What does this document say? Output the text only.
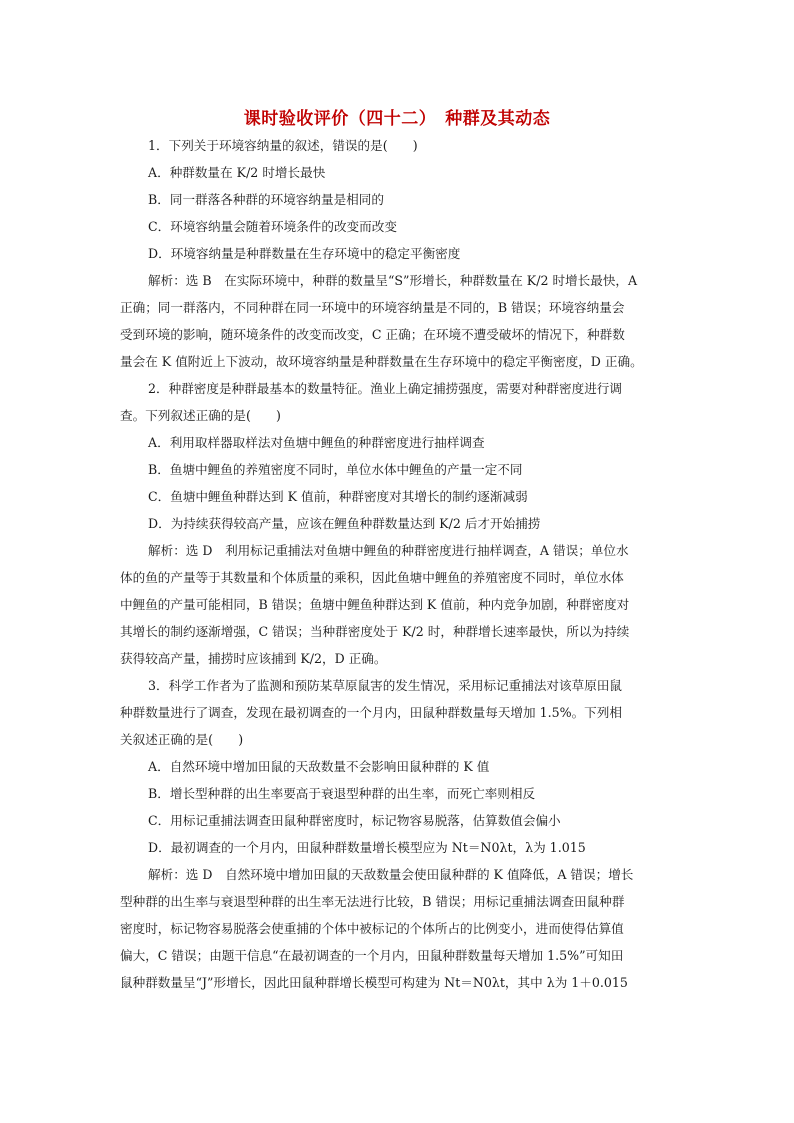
课时验收评价（四十二）　种群及其动态
1．下列关于环境容纳量的叙述，错误的是(　　)
A．种群数量在 K/2 时增长最快
B．同一群落各种群的环境容纳量是相同的
C．环境容纳量会随着环境条件的改变而改变
D．环境容纳量是种群数量在生存环境中的稳定平衡密度
解析：选 B　在实际环境中，种群的数量呈“S”形增长，种群数量在 K/2 时增长最快，A
正确；同一群落内，不同种群在同一环境中的环境容纳量是不同的，B 错误；环境容纳量会
受到环境的影响，随环境条件的改变而改变，C 正确；在环境不遭受破坏的情况下，种群数
量会在 K 值附近上下波动，故环境容纳量是种群数量在生存环境中的稳定平衡密度，D 正确。
2．种群密度是种群最基本的数量特征。渔业上确定捕捞强度，需要对种群密度进行调
查。下列叙述正确的是(　　)
A．利用取样器取样法对鱼塘中鲤鱼的种群密度进行抽样调查
B．鱼塘中鲤鱼的养殖密度不同时，单位水体中鲤鱼的产量一定不同
C．鱼塘中鲤鱼种群达到 K 值前，种群密度对其增长的制约逐渐减弱
D．为持续获得较高产量，应该在鲤鱼种群数量达到 K/2 后才开始捕捞
解析：选 D　利用标记重捕法对鱼塘中鲤鱼的种群密度进行抽样调查，A 错误；单位水
体的鱼的产量等于其数量和个体质量的乘积，因此鱼塘中鲤鱼的养殖密度不同时，单位水体
中鲤鱼的产量可能相同，B 错误；鱼塘中鲤鱼种群达到 K 值前，种内竞争加剧，种群密度对
其增长的制约逐渐增强，C 错误；当种群密度处于 K/2 时，种群增长速率最快，所以为持续
获得较高产量，捕捞时应该捕到 K/2，D 正确。
3．科学工作者为了监测和预防某草原鼠害的发生情况，采用标记重捕法对该草原田鼠
种群数量进行了调查，发现在最初调查的一个月内，田鼠种群数量每天增加 1.5%。下列相
关叙述正确的是(　　)
A．自然环境中增加田鼠的天敌数量不会影响田鼠种群的 K 值
B．增长型种群的出生率要高于衰退型种群的出生率，而死亡率则相反
C．用标记重捕法调查田鼠种群密度时，标记物容易脱落，估算数值会偏小
D．最初调查的一个月内，田鼠种群数量增长模型应为 Nt＝N0λt，λ为 1.015
解析：选 D　自然环境中增加田鼠的天敌数量会使田鼠种群的 K 值降低，A 错误；增长
型种群的出生率与衰退型种群的出生率无法进行比较，B 错误；用标记重捕法调查田鼠种群
密度时，标记物容易脱落会使重捕的个体中被标记的个体所占的比例变小，进而使得估算值
偏大，C 错误；由题干信息“在最初调查的一个月内，田鼠种群数量每天增加 1.5%”可知田
鼠种群数量呈“J”形增长，因此田鼠种群增长模型可构建为 Nt＝N0λt，其中 λ为 1＋0.015
